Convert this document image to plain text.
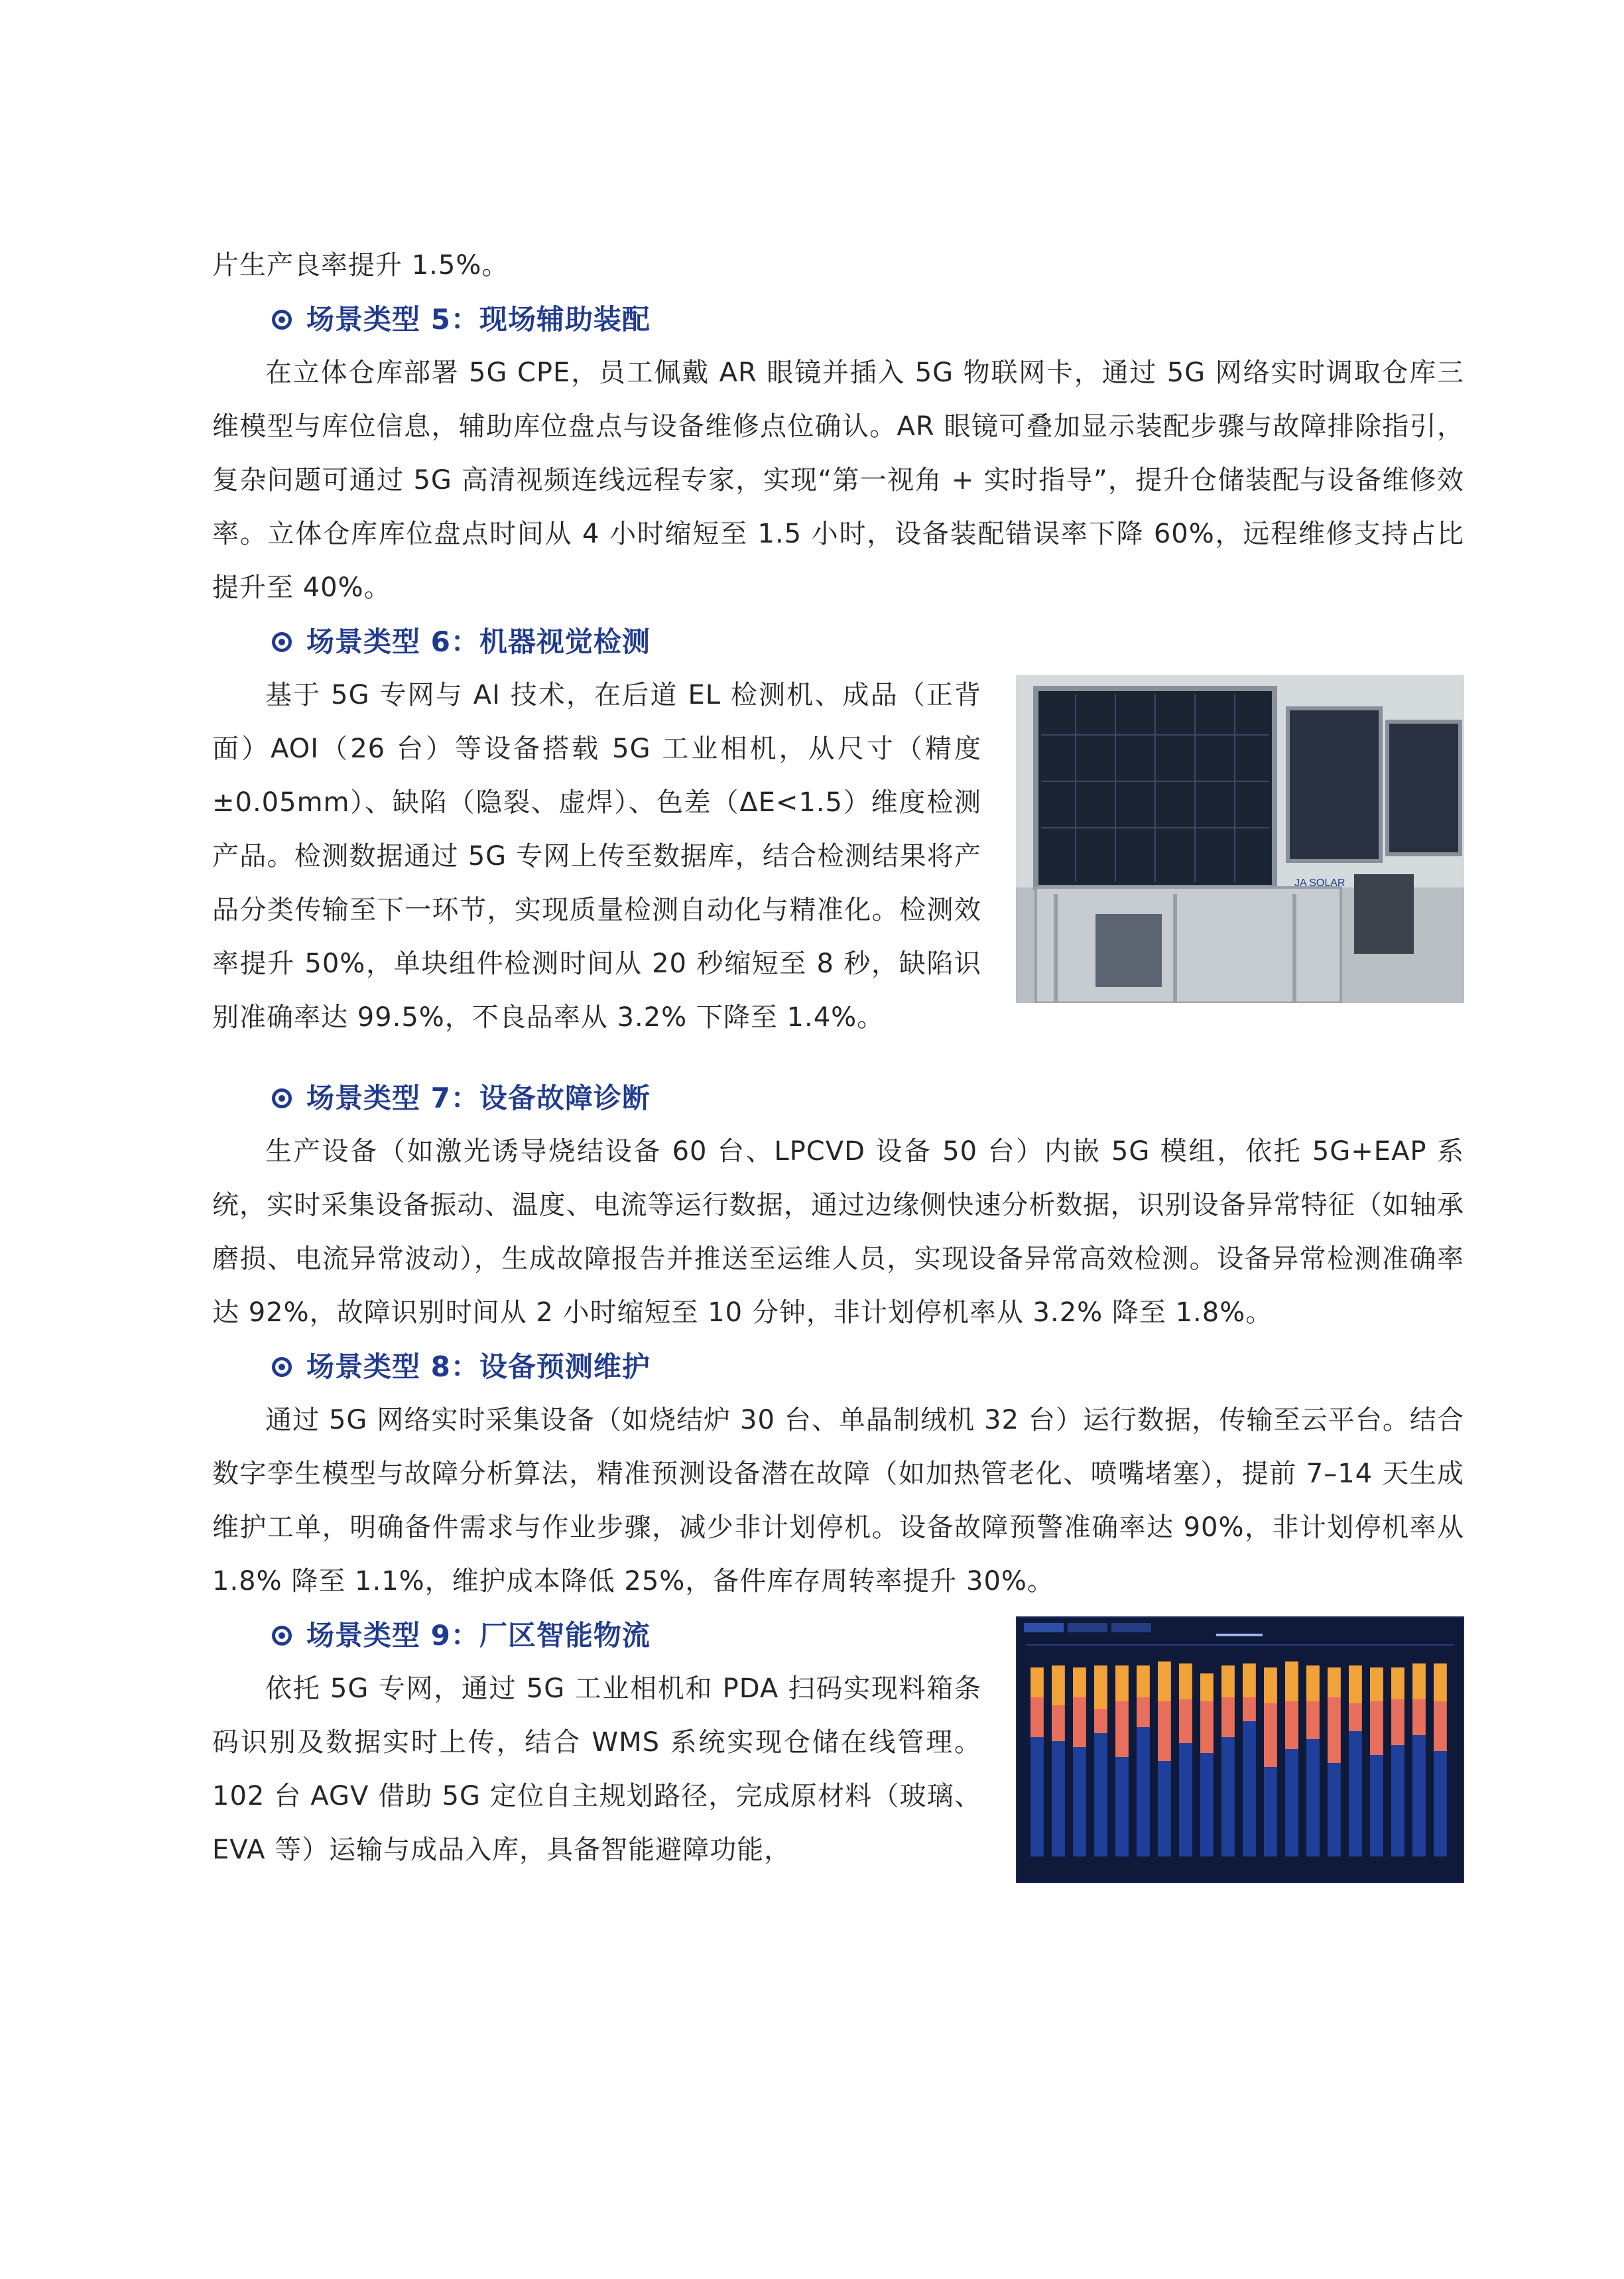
片生产良率提升 1.5%。

场景类型 5：现场辅助装配

在立体仓库部署 5G CPE，员工佩戴 AR 眼镜并插入 5G 物联网卡，通过 5G 网络实时调取仓库三维模型与库位信息，辅助库位盘点与设备维修点位确认。AR 眼镜可叠加显示装配步骤与故障排除指引，复杂问题可通过 5G 高清视频连线远程专家，实现“第一视角 + 实时指导”，提升仓储装配与设备维修效率。立体仓库库位盘点时间从 4 小时缩短至 1.5 小时，设备装配错误率下降 60%，远程维修支持占比提升至 40%。

场景类型 6：机器视觉检测

基于 5G 专网与 AI 技术，在后道 EL 检测机、成品（正背面）AOI（26 台）等设备搭载 5G 工业相机，从尺寸（精度 ±0.05mm）、缺陷（隐裂、虚焊）、色差（ΔE<1.5）维度检测产品。检测数据通过 5G 专网上传至数据库，结合检测结果将产品分类传输至下一环节，实现质量检测自动化与精准化。检测效率提升 50%，单块组件检测时间从 20 秒缩短至 8 秒，缺陷识别准确率达 99.5%，不良品率从 3.2% 下降至 1.4%。

JA SOLAR
场景类型 7：设备故障诊断

生产设备（如激光诱导烧结设备 60 台、LPCVD 设备 50 台）内嵌 5G 模组，依托 5G+EAP 系统，实时采集设备振动、温度、电流等运行数据，通过边缘侧快速分析数据，识别设备异常特征（如轴承磨损、电流异常波动），生成故障报告并推送至运维人员，实现设备异常高效检测。设备异常检测准确率达 92%，故障识别时间从 2 小时缩短至 10 分钟，非计划停机率从 3.2% 降至 1.8%。

场景类型 8：设备预测维护

通过 5G 网络实时采集设备（如烧结炉 30 台、单晶制绒机 32 台）运行数据，传输至云平台。结合数字孪生模型与故障分析算法，精准预测设备潜在故障（如加热管老化、喷嘴堵塞），提前 7–14 天生成维护工单，明确备件需求与作业步骤，减少非计划停机。设备故障预警准确率达 90%，非计划停机率从 1.8% 降至 1.1%，维护成本降低 25%，备件库存周转率提升 30%。

场景类型 9：厂区智能物流

依托 5G 专网，通过 5G 工业相机和 PDA 扫码实现料箱条码识别及数据实时上传，结合 WMS 系统实现仓储在线管理。102 台 AGV 借助 5G 定位自主规划路径，完成原材料（玻璃、EVA 等）运输与成品入库，具备智能避障功能，
